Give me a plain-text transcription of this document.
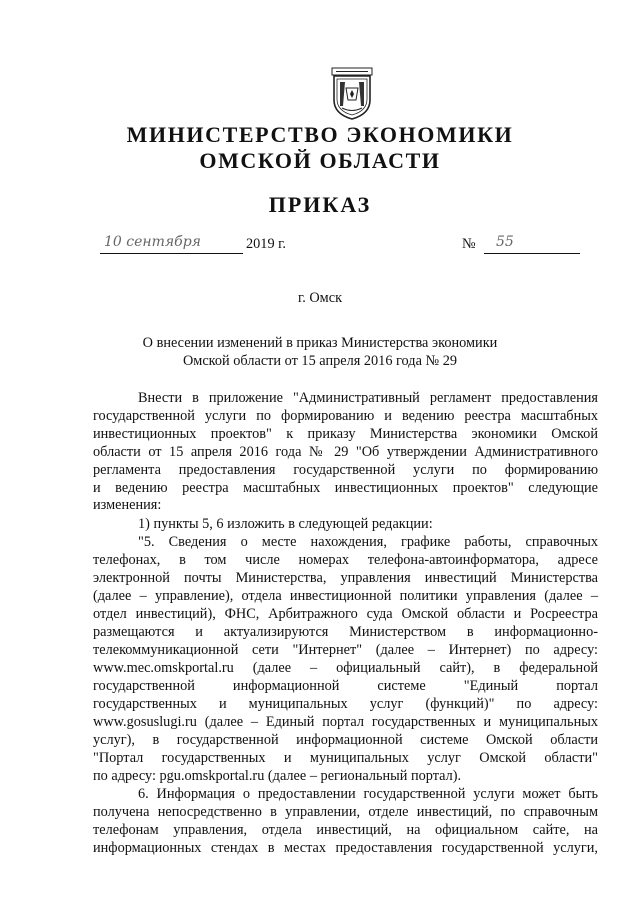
МИНИСТЕРСТВО ЭКОНОМИКИ
ОМСКОЙ ОБЛАСТИ
ПРИКАЗ
10 сентября	2019 г.	№ 55
г. Омск
О внесении изменений в приказ Министерства экономики
Омской области от 15 апреля 2016 года № 29
Внести в приложение "Административный регламент предоставления
государственной услуги по формированию и ведению реестра масштабных
инвестиционных проектов" к приказу Министерства экономики Омской
области от 15 апреля 2016 года № 29 "Об утверждении Административного
регламента предоставления государственной услуги по формированию
и ведению реестра масштабных инвестиционных проектов" следующие
изменения:
1) пункты 5, 6 изложить в следующей редакции:
"5. Сведения о месте нахождения, графике работы, справочных
телефонах, в том числе номерах телефона-автоинформатора, адресе
электронной почты Министерства, управления инвестиций Министерства
(далее – управление), отдела инвестиционной политики управления (далее –
отдел инвестиций), ФНС, Арбитражного суда Омской области и Росреестра
размещаются и актуализируются Министерством в информационно-
телекоммуникационной сети "Интернет" (далее – Интернет) по адресу:
www.mec.omskportal.ru (далее – официальный сайт), в федеральной
государственной информационной системе "Единый портал
государственных и муниципальных услуг (функций)" по адресу:
www.gosuslugi.ru (далее – Единый портал государственных и муниципальных
услуг), в государственной информационной системе Омской области
"Портал государственных и муниципальных услуг Омской области"
по адресу: pgu.omskportal.ru (далее – региональный портал).
6. Информация о предоставлении государственной услуги может быть
получена непосредственно в управлении, отделе инвестиций, по справочным
телефонам управления, отдела инвестиций, на официальном сайте, на
информационных стендах в местах предоставления государственной услуги,
